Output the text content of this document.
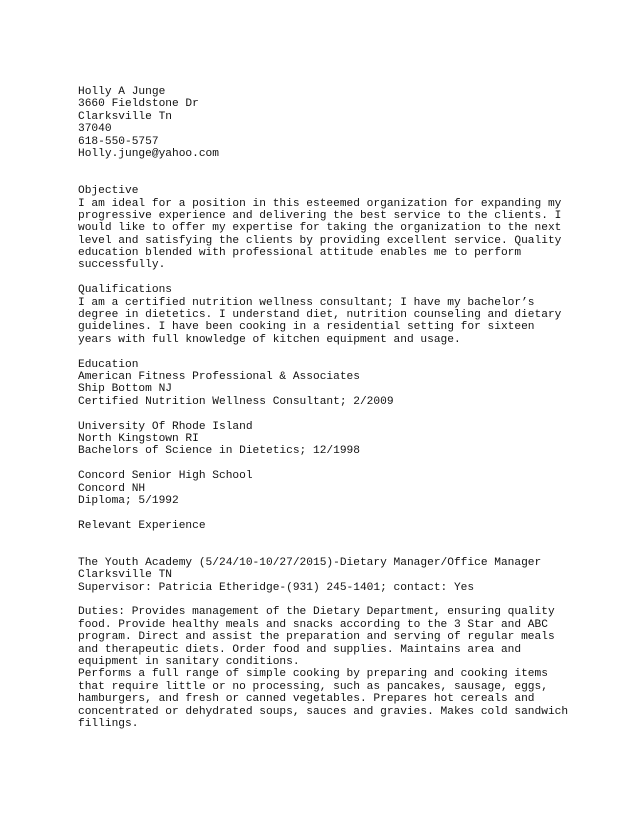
Holly A Junge
3660 Fieldstone Dr
Clarksville Tn
37040
618-550-5757
Holly.junge@yahoo.com
Objective
I am ideal for a position in this esteemed organization for expanding my
progressive experience and delivering the best service to the clients. I
would like to offer my expertise for taking the organization to the next
level and satisfying the clients by providing excellent service. Quality
education blended with professional attitude enables me to perform
successfully.
Qualifications
I am a certified nutrition wellness consultant; I have my bachelor’s
degree in dietetics. I understand diet, nutrition counseling and dietary
guidelines. I have been cooking in a residential setting for sixteen
years with full knowledge of kitchen equipment and usage.
Education
American Fitness Professional & Associates
Ship Bottom NJ
Certified Nutrition Wellness Consultant; 2/2009
University Of Rhode Island
North Kingstown RI
Bachelors of Science in Dietetics; 12/1998
Concord Senior High School
Concord NH
Diploma; 5/1992
Relevant Experience
The Youth Academy (5/24/10-10/27/2015)-Dietary Manager/Office Manager
Clarksville TN
Supervisor: Patricia Etheridge-(931) 245-1401; contact: Yes
Duties: Provides management of the Dietary Department, ensuring quality
food. Provide healthy meals and snacks according to the 3 Star and ABC
program. Direct and assist the preparation and serving of regular meals
and therapeutic diets. Order food and supplies. Maintains area and
equipment in sanitary conditions.
Performs a full range of simple cooking by preparing and cooking items
that require little or no processing, such as pancakes, sausage, eggs,
hamburgers, and fresh or canned vegetables. Prepares hot cereals and
concentrated or dehydrated soups, sauces and gravies. Makes cold sandwich
fillings.
